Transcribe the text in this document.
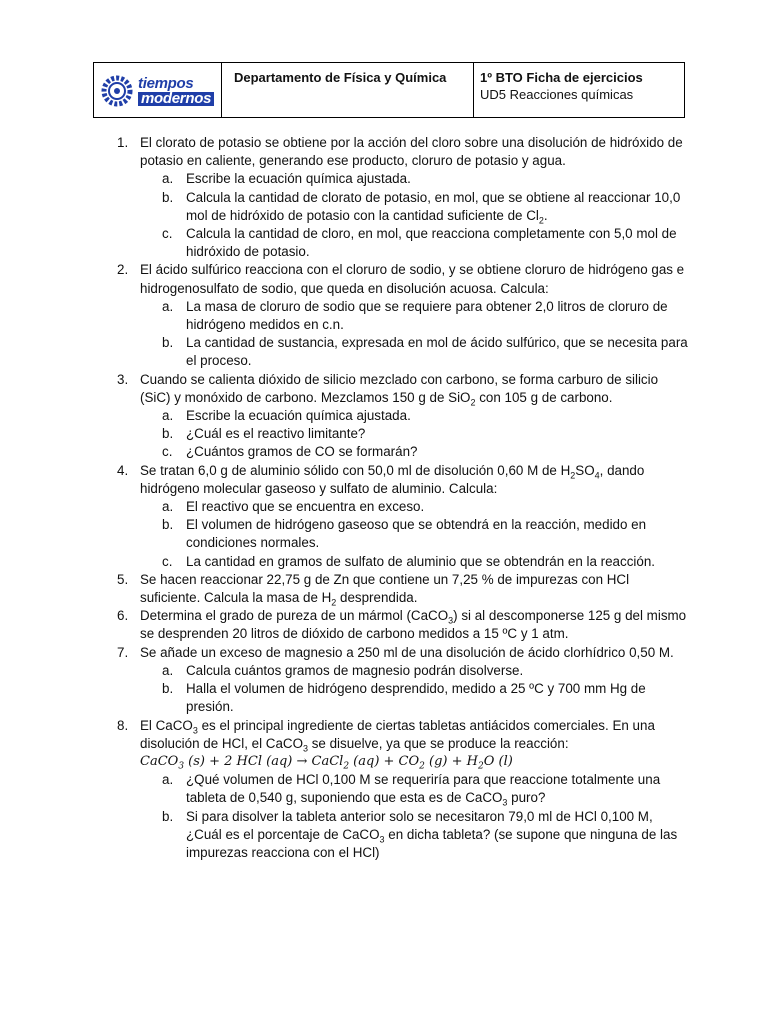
tiempos
modernos
Departamento de Física y Química	1º BTO Ficha de ejercicios
UD5 Reacciones químicas
1. El clorato de potasio se obtiene por la acción del cloro sobre una disolución de hidróxido de potasio en caliente, generando ese producto, cloruro de potasio y agua.
a. Escribe la ecuación química ajustada.
b. Calcula la cantidad de clorato de potasio, en mol, que se obtiene al reaccionar 10,0 mol de hidróxido de potasio con la cantidad suficiente de $Cl_2$.
c. Calcula la cantidad de cloro, en mol, que reacciona completamente con 5,0 mol de hidróxido de potasio.
2. El ácido sulfúrico reacciona con el cloruro de sodio, y se obtiene cloruro de hidrógeno gas e hidrogenosulfato de sodio, que queda en disolución acuosa. Calcula:
a. La masa de cloruro de sodio que se requiere para obtener 2,0 litros de cloruro de hidrógeno medidos en c.n.
b. La cantidad de sustancia, expresada en mol de ácido sulfúrico, que se necesita para el proceso.
3. Cuando se calienta dióxido de silicio mezclado con carbono, se forma carburo de silicio (SiC) y monóxido de carbono. Mezclamos 150 g de SiO$_2$ con 105 g de carbono.
a. Escribe la ecuación química ajustada.
b. ¿Cuál es el reactivo limitante?
c. ¿Cuántos gramos de CO se formarán?
4. Se tratan 6,0 g de aluminio sólido con 50,0 ml de disolución 0,60 M de $H_2SO_4$, dando hidrógeno molecular gaseoso y sulfato de aluminio. Calcula:
a. El reactivo que se encuentra en exceso.
b. El volumen de hidrógeno gaseoso que se obtendrá en la reacción, medido en condiciones normales.
c. La cantidad en gramos de sulfato de aluminio que se obtendrán en la reacción.
5. Se hacen reaccionar 22,75 g de Zn que contiene un 7,25 % de impurezas con HCl suficiente. Calcula la masa de $H_2$ desprendida.
6. Determina el grado de pureza de un mármol (CaCO$_3$) si al descomponerse 125 g del mismo se desprenden 20 litros de dióxido de carbono medidos a 15 ºC y 1 atm.
7. Se añade un exceso de magnesio a 250 ml de una disolución de ácido clorhídrico 0,50 M.
a. Calcula cuántos gramos de magnesio podrán disolverse.
b. Halla el volumen de hidrógeno desprendido, medido a 25 ºC y 700 mm Hg de presión.
8. El CaCO$_3$ es el principal ingrediente de ciertas tabletas antiácidos comerciales. En una disolución de HCl, el CaCO$_3$ se disuelve, ya que se produce la reacción:
CaCO$_3$ (s) + 2 HCl (aq) → CaCl$_2$ $(aq) + CO_2$ $(g) + H_2O$ (l)
a. ¿Qué volumen de HCl 0,100 M se requeriría para que reaccione totalmente una tableta de 0,540 g, suponiendo que esta es de CaCO$_3$ puro?
b. Si para disolver la tableta anterior solo se necesitaron 79,0 ml de HCl 0,100 M, ¿Cuál es el porcentaje de CaCO$_3$ en dicha tableta? (se supone que ninguna de las impurezas reacciona con el HCl)
